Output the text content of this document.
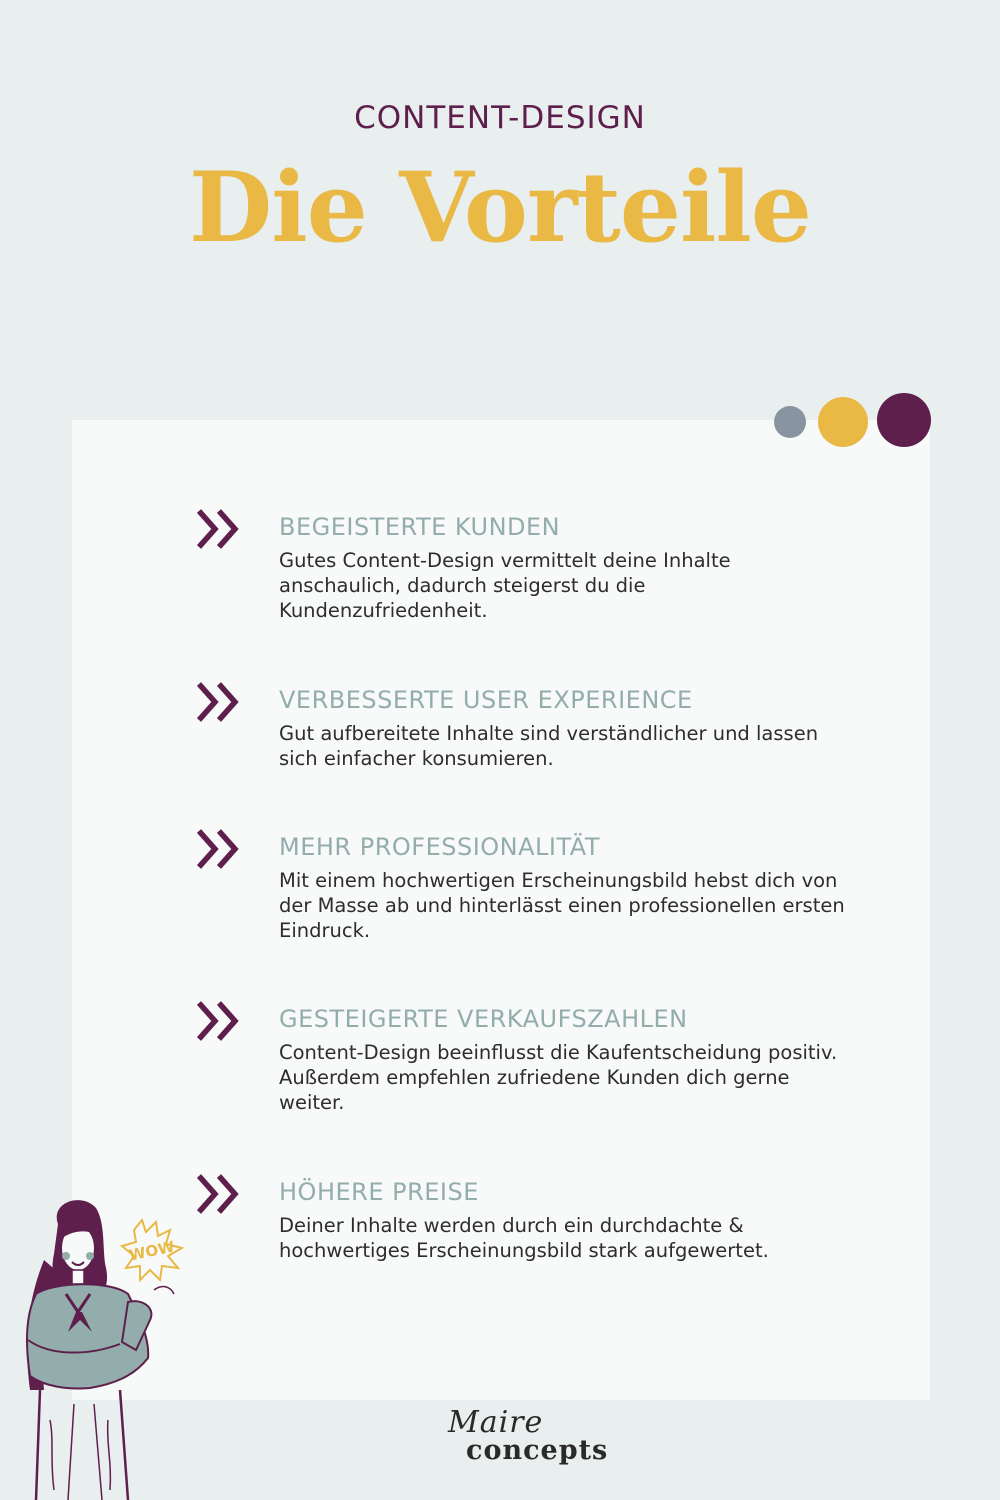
CONTENT-DESIGN
Die Vorteile
BEGEISTERTE KUNDEN
Gutes Content-Design vermittelt deine Inhalte anschaulich, dadurch steigerst du die Kundenzufriedenheit.
VERBESSERTE USER EXPERIENCE
Gut aufbereitete Inhalte sind verständlicher und lassen sich einfacher konsumieren.
MEHR PROFESSIONALITÄT
Mit einem hochwertigen Erscheinungsbild hebst dich von der Masse ab und hinterlässt einen professionellen ersten Eindruck.
GESTEIGERTE VERKAUFSZAHLEN
Content-Design beeinflusst die Kaufentscheidung positiv. Außerdem empfehlen zufriedene Kunden dich gerne weiter.
HÖHERE PREISE
Deiner Inhalte werden durch ein durchdachte & hochwertiges Erscheinungsbild stark aufgewertet.
WOW
Maire
concepts
